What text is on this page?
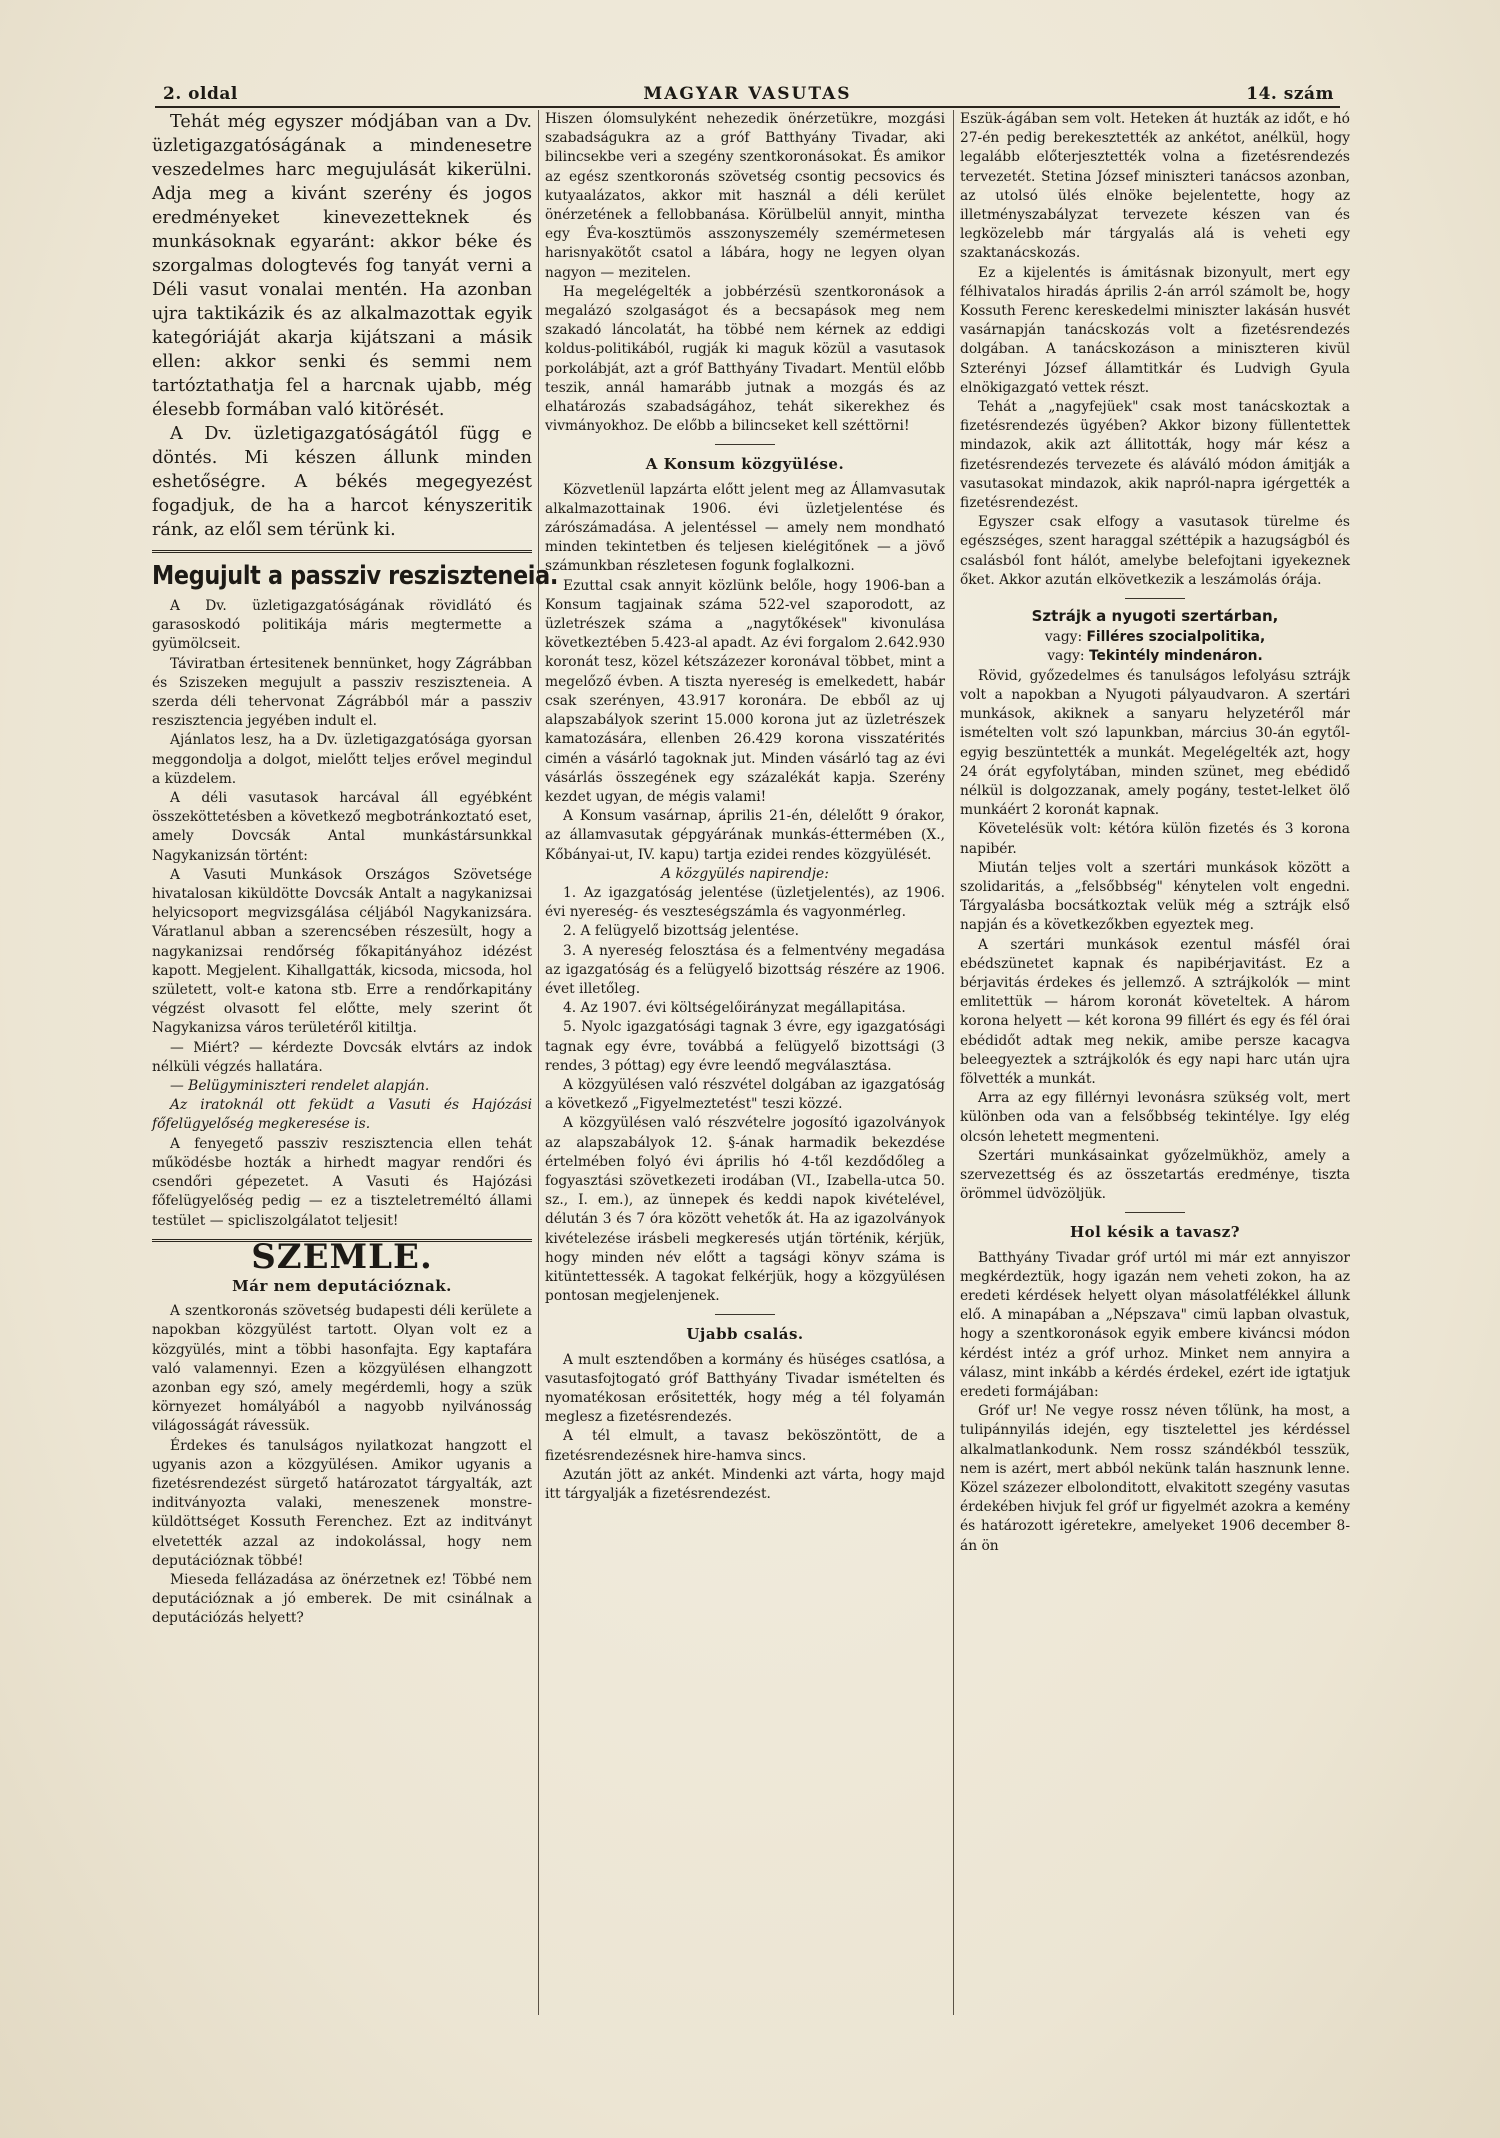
2. oldal	MAGYAR VASUTAS	14. szám

Tehát még egyszer módjában van a Dv. üzletigazgatóságának a mindenesetre veszedelmes harc megujulását kikerülni. Adja meg a kivánt szerény és jogos eredményeket kinevezetteknek és munkásoknak egyaránt: akkor béke és szorgalmas dologtevés fog tanyát verni a Déli vasut vonalai mentén. Ha azonban ujra taktikázik és az alkalmazottak egyik kategóriáját akarja kijátszani a másik ellen: akkor senki és semmi nem tartóztathatja fel a harcnak ujabb, még élesebb formában való kitörését.

A Dv. üzletigazgatóságától függ e döntés. Mi készen állunk minden eshetőségre. A békés megegyezést fogadjuk, de ha a harcot kényszeritik ránk, az elől sem térünk ki.

Megujult a passziv resziszteneia.

A Dv. üzletigazgatóságának rövidlátó és garasoskodó politikája máris megtermette a gyümölcseit.

Táviratban értesitenek bennünket, hogy Zágrábban és Sziszeken megujult a passziv resziszteneia. A szerda déli tehervonat Zágrábból már a passziv reszisztencia jegyében indult el.

Ajánlatos lesz, ha a Dv. üzletigazgatósága gyorsan meggondolja a dolgot, mielőtt teljes erővel megindul a küzdelem.

A déli vasutasok harcával áll egyébként összeköttetésben a következő megbotránkoztató eset, amely Dovcsák Antal munkástársunkkal Nagykanizsán történt:

A Vasuti Munkások Országos Szövetsége hivatalosan kiküldötte Dovcsák Antalt a nagykanizsai helyicsoport megvizsgálása céljából Nagykanizsára. Váratlanul abban a szerencsében részesült, hogy a nagykanizsai rendőrség főkapitányához idézést kapott. Megjelent. Kihallgatták, kicsoda, micsoda, hol született, volt-e katona stb. Erre a rendőrkapitány végzést olvasott fel előtte, mely szerint őt Nagykanizsa város területéről kitiltja.

— Miért? — kérdezte Dovcsák elvtárs az indok nélküli végzés hallatára.

— Belügyminiszteri rendelet alapján.

Az iratoknál ott feküdt a Vasuti és Hajózási főfelügyelőség megkeresése is.

A fenyegető passziv reszisztencia ellen tehát működésbe hozták a hirhedt magyar rendőri és csendőri gépezetet. A Vasuti és Hajózási főfelügyelőség pedig — ez a tiszteletreméltó állami testület — spicliszolgálatot teljesit!

SZEMLE.
Már nem deputációznak.

A szentkoronás szövetség budapesti déli kerülete a napokban közgyülést tartott. Olyan volt ez a közgyülés, mint a többi hasonfajta. Egy kaptafára való valamennyi. Ezen a közgyülésen elhangzott azonban egy szó, amely megérdemli, hogy a szük környezet homályából a nagyobb nyilvánosság világosságát rávessük.

Érdekes és tanulságos nyilatkozat hangzott el ugyanis azon a közgyülésen. Amikor ugyanis a fizetésrendezést sürgető határozatot tárgyalták, azt inditványozta valaki, meneszenek monstre-küldöttséget Kossuth Ferenchez. Ezt az inditványt elvetették azzal az indokolással, hogy nem deputációznak többé!

Mieseda fellázadása az önérzetnek ez! Többé nem deputációznak a jó emberek. De mit csinálnak a deputációzás helyett?

Hiszen ólomsulyként nehezedik önérzetükre, mozgási szabadságukra az a gróf Batthyány Tivadar, aki bilincsekbe veri a szegény szentkoronásokat. És amikor az egész szentkoronás szövetség csontig pecsovics és kutyaalázatos, akkor mit használ a déli kerület önérzetének a fellobbanása. Körülbelül annyit, mintha egy Éva-kosztümös asszonyszemély szemérmetesen harisnyakötőt csatol a lábára, hogy ne legyen olyan nagyon — mezitelen.

Ha megelégelték a jobbérzésü szentkoronások a megalázó szolgaságot és a becsapások meg nem szakadó láncolatát, ha többé nem kérnek az eddigi koldus-politikából, rugják ki maguk közül a vasutasok porkolábját, azt a gróf Batthyány Tivadart. Mentül előbb teszik, annál hamarább jutnak a mozgás és az elhatározás szabadságához, tehát sikerekhez és vivmányokhoz. De előbb a bilincseket kell széttörni!

A Konsum közgyülése.

Közvetlenül lapzárta előtt jelent meg az Államvasutak alkalmazottainak 1906. évi üzletjelentése és zárószámadása. A jelentéssel — amely nem mondható minden tekintetben és teljesen kielégitőnek — a jövő számunkban részletesen fogunk foglalkozni.

Ezuttal csak annyit közlünk belőle, hogy 1906-ban a Konsum tagjainak száma 522-vel szaporodott, az üzletrészek száma a „nagytőkések" kivonulása következtében 5.423-al apadt. Az évi forgalom 2.642.930 koronát tesz, közel kétszázezer koronával többet, mint a megelőző évben. A tiszta nyereség is emelkedett, habár csak szerényen, 43.917 koronára. De ebből az uj alapszabályok szerint 15.000 korona jut az üzletrészek kamatozására, ellenben 26.429 korona visszatérités cimén a vásárló tagoknak jut. Minden vásárló tag az évi vásárlás összegének egy százalékát kapja. Szerény kezdet ugyan, de mégis valami!

A Konsum vasárnap, április 21-én, délelőtt 9 órakor, az államvasutak gépgyárának munkás-éttermében (X., Kőbányai-ut, IV. kapu) tartja ezidei rendes közgyülését.

A közgyülés napirendje:

1. Az igazgatóság jelentése (üzletjelentés), az 1906. évi nyereség- és veszteségszámla és vagyonmérleg.

2. A felügyelő bizottság jelentése.

3. A nyereség felosztása és a felmentvény megadása az igazgatóság és a felügyelő bizottság részére az 1906. évet illetőleg.

4. Az 1907. évi költségelőirányzat megállapitása.

5. Nyolc igazgatósági tagnak 3 évre, egy igazgatósági tagnak egy évre, továbbá a felügyelő bizottsági (3 rendes, 3 póttag) egy évre leendő megválasztása.

A közgyülésen való részvétel dolgában az igazgatóság a következő „Figyelmeztetést" teszi közzé.

A közgyülésen való részvételre jogosító igazolványok az alapszabályok 12. §-ának harmadik bekezdése értelmében folyó évi április hó 4-től kezdődőleg a fogyasztási szövetkezeti irodában (VI., Izabella-utca 50. sz., I. em.), az ünnepek és keddi napok kivételével, délután 3 és 7 óra között vehetők át. Ha az igazolványok kivételezése irásbeli megkeresés utján történik, kérjük, hogy minden név előtt a tagsági könyv száma is kitüntettessék. A tagokat felkérjük, hogy a közgyülésen pontosan megjelenjenek.

Ujabb csalás.

A mult esztendőben a kormány és hüséges csatlósa, a vasutasfojtogató gróf Batthyány Tivadar ismételten és nyomatékosan erősitették, hogy még a tél folyamán meglesz a fizetésrendezés.

A tél elmult, a tavasz beköszöntött, de a fizetésrendezésnek hire-hamva sincs.

Azután jött az ankét. Mindenki azt várta, hogy majd itt tárgyalják a fizetésrendezést.

Eszük-ágában sem volt. Heteken át huzták az időt, e hó 27-én pedig berekesztették az ankétot, anélkül, hogy legalább előterjesztették volna a fizetésrendezés tervezetét. Stetina József miniszteri tanácsos azonban, az utolsó ülés elnöke bejelentette, hogy az illetményszabályzat tervezete készen van és legközelebb már tárgyalás alá is veheti egy szaktanácskozás.

Ez a kijelentés is ámitásnak bizonyult, mert egy félhivatalos hiradás április 2-án arról számolt be, hogy Kossuth Ferenc kereskedelmi miniszter lakásán husvét vasárnapján tanácskozás volt a fizetésrendezés dolgában. A tanácskozáson a miniszteren kivül Szterényi József államtitkár és Ludvigh Gyula elnökigazgató vettek részt.

Tehát a „nagyfejüek" csak most tanácskoztak a fizetésrendezés ügyében? Akkor bizony füllentettek mindazok, akik azt állitották, hogy már kész a fizetésrendezés tervezete és aláváló módon ámitják a vasutasokat mindazok, akik napról-napra igérgették a fizetésrendezést.

Egyszer csak elfogy a vasutasok türelme és egészséges, szent haraggal széttépik a hazugságból és csalásból font hálót, amelybe belefojtani igyekeznek őket. Akkor azután elkövetkezik a leszámolás órája.

Sztrájk a nyugoti szertárban,

vagy: Filléres szocialpolitika,

vagy: Tekintély mindenáron.

Rövid, győzedelmes és tanulságos lefolyásu sztrájk volt a napokban a Nyugoti pályaudvaron. A szertári munkások, akiknek a sanyaru helyzetéről már ismételten volt szó lapunkban, március 30-án egytől-egyig beszüntették a munkát. Megelégelték azt, hogy 24 órát egyfolytában, minden szünet, meg ebédidő nélkül is dolgozzanak, amely pogány, testet-lelket ölő munkáért 2 koronát kapnak.

Követelésük volt: kétóra külön fizetés és 3 korona napibér.

Miután teljes volt a szertári munkások között a szolidaritás, a „felsőbbség" kénytelen volt engedni. Tárgyalásba bocsátkoztak velük még a sztrájk első napján és a következőkben egyeztek meg.

A szertári munkások ezentul másfél órai ebédszünetet kapnak és napibérjavitást. Ez a bérjavitás érdekes és jellemző. A sztrájkolók — mint emlitettük — három koronát követeltek. A három korona helyett — két korona 99 fillért és egy és fél órai ebédidőt adtak meg nekik, amibe persze kacagva beleegyeztek a sztrájkolók és egy napi harc után ujra fölvették a munkát.

Arra az egy fillérnyi levonásra szükség volt, mert különben oda van a felsőbbség tekintélye. Igy elég olcsón lehetett megmenteni.

Szertári munkásainkat győzelmükhöz, amely a szervezettség és az összetartás eredménye, tiszta örömmel üdvözöljük.

Hol késik a tavasz?

Batthyány Tivadar gróf urtól mi már ezt annyiszor megkérdeztük, hogy igazán nem veheti zokon, ha az eredeti kérdések helyett olyan másolatfélékkel állunk elő. A minapában a „Népszava" cimü lapban olvastuk, hogy a szentkoronások egyik embere kiváncsi módon kérdést intéz a gróf urhoz. Minket nem annyira a válasz, mint inkább a kérdés érdekel, ezért ide igtatjuk eredeti formájában:

Gróf ur! Ne vegye rossz néven tőlünk, ha most, a tulipánnyilás idején, egy tisztelettel jes kérdéssel alkalmatlankodunk. Nem rossz szándékból tesszük, nem is azért, mert abból nekünk talán hasznunk lenne. Közel százezer elbolonditott, elvakitott szegény vasutas érdekében hivjuk fel gróf ur figyelmét azokra a kemény és határozott igéretekre, amelyeket 1906 december 8-án ön
